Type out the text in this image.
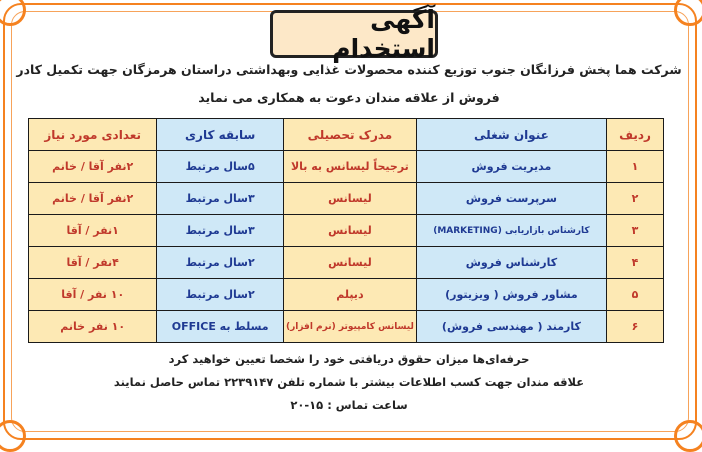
آگهی استخدام
شرکت هما پخش فرزانگان جنوب توزیع کننده محصولات غذایی وبهداشتی دراستان هرمزگان جهت تکمیل کادر
فروش از علاقه مندان دعوت به همکاری می نماید
ردیف	عنوان شغلی	مدرک تحصیلی	سابقه کاری	تعدادی مورد نیاز
۱	مدیریت فروش	ترجیحاً لیسانس به بالا	۵سال مرتبط	۲نفر آقا / خانم
۲	سرپرست فروش	لیسانس	۳سال مرتبط	۲نفر آقا / خانم
۳	کارشناس بازاریابی (MARKETING)	لیسانس	۳سال مرتبط	۱نفر / آقا
۴	کارشناس فروش	لیسانس	۲سال مرتبط	۴نفر / آقا
۵	مشاور فروش ( ویزیتور)	دیپلم	۲سال مرتبط	۱۰ نفر / آقا
۶	کارمند ( مهندسی فروش)	لیسانس کامپیوتر (نرم افزار)	مسلط به OFFICE	۱۰ نفر خانم
حرفه‌ای‌ها میزان حقوق دریافتی خود را شخصا تعیین خواهید کرد
علاقه مندان جهت کسب اطلاعات بیشتر با شماره تلفن ۲۲۳۹۱۴۷ تماس حاصل نمایند
ساعت تماس : ۱۵-۲۰
